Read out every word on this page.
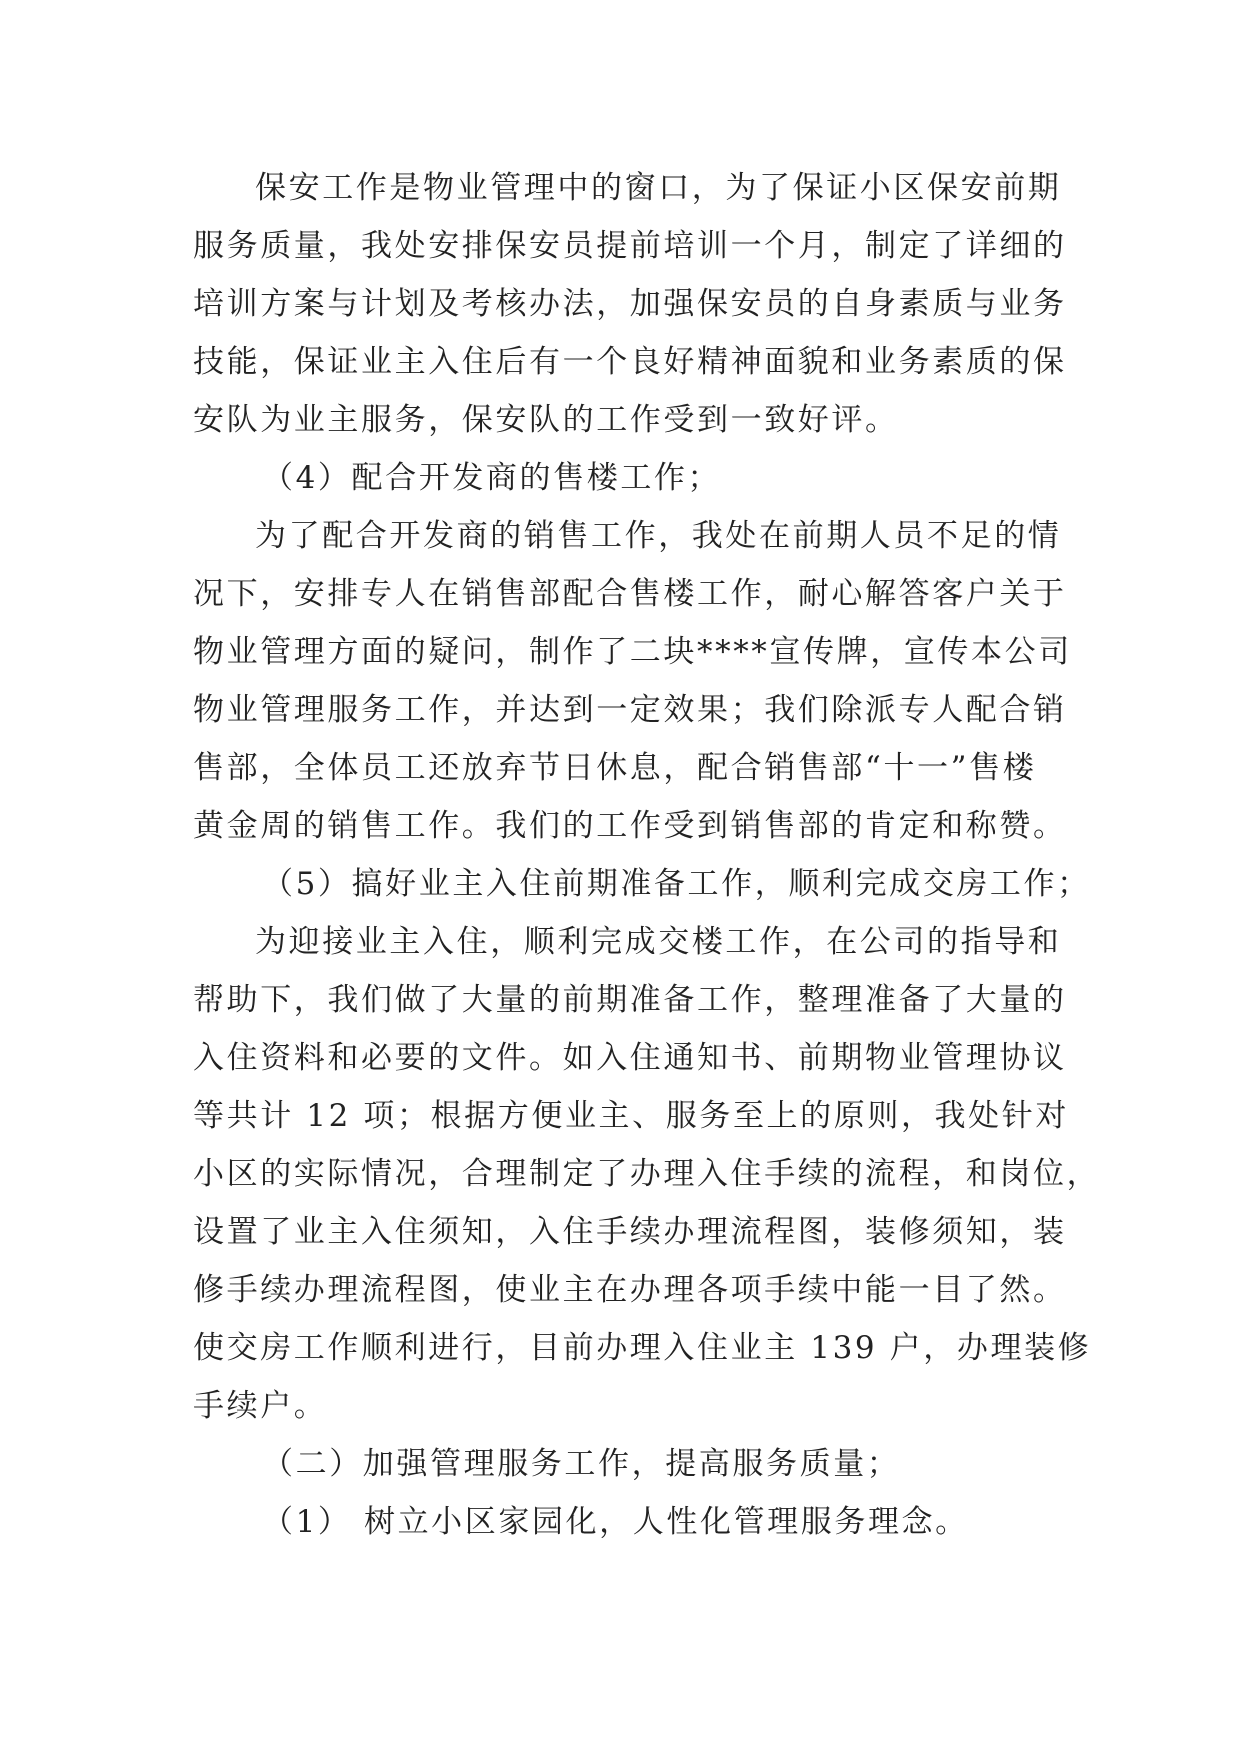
保安工作是物业管理中的窗口，为了保证小区保安前期
服务质量，我处安排保安员提前培训一个月，制定了详细的
培训方案与计划及考核办法，加强保安员的自身素质与业务
技能，保证业主入住后有一个良好精神面貌和业务素质的保
安队为业主服务，保安队的工作受到一致好评。
（4）配合开发商的售楼工作；
为了配合开发商的销售工作，我处在前期人员不足的情
况下，安排专人在销售部配合售楼工作，耐心解答客户关于
物业管理方面的疑问，制作了二块****宣传牌，宣传本公司
物业管理服务工作，并达到一定效果；我们除派专人配合销
售部，全体员工还放弃节日休息，配合销售部“十一”售楼
黄金周的销售工作。我们的工作受到销售部的肯定和称赞。
（5）搞好业主入住前期准备工作，顺利完成交房工作；
为迎接业主入住，顺利完成交楼工作，在公司的指导和
帮助下，我们做了大量的前期准备工作，整理准备了大量的
入住资料和必要的文件。如入住通知书、前期物业管理协议
等共计 12 项；根据方便业主、服务至上的原则，我处针对
小区的实际情况，合理制定了办理入住手续的流程，和岗位，
设置了业主入住须知，入住手续办理流程图，装修须知，装
修手续办理流程图，使业主在办理各项手续中能一目了然。
使交房工作顺利进行，目前办理入住业主 139 户，办理装修
手续户。
（二）加强管理服务工作，提高服务质量；
（1） 树立小区家园化，人性化管理服务理念。
